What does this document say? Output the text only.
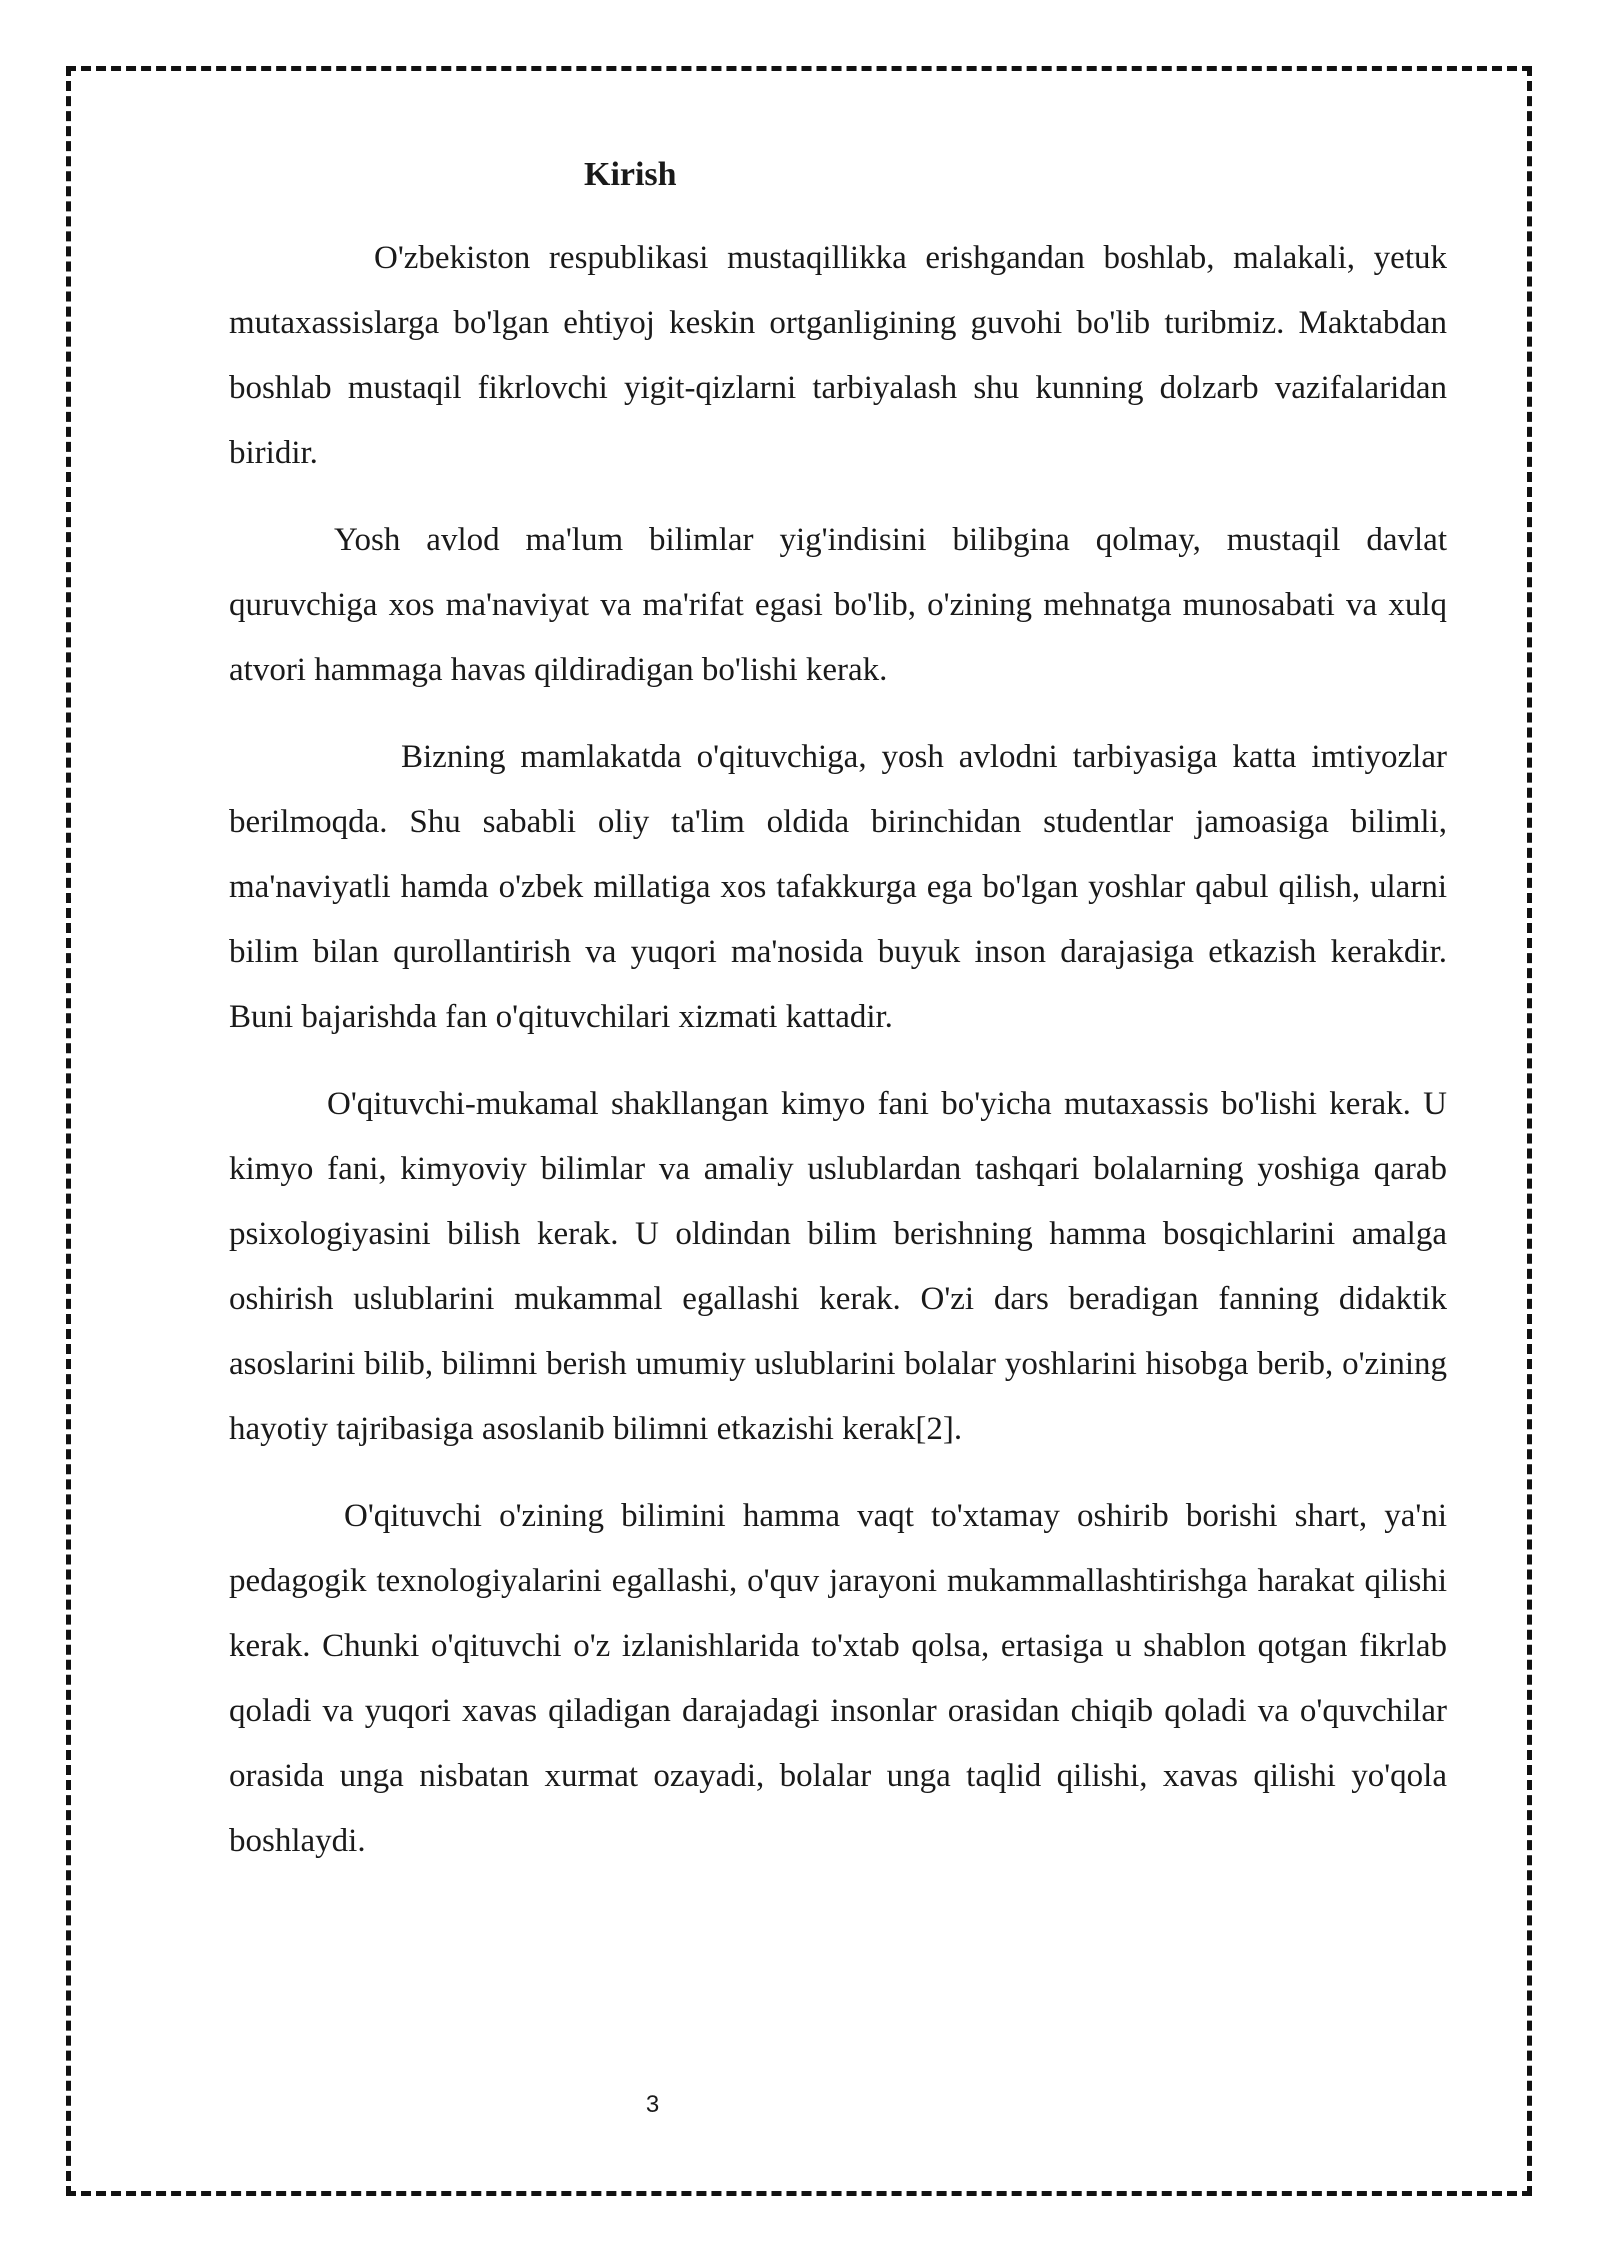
Kirish

O'zbekiston respublikasi mustaqillikka erishgandan boshlab, malakali, yetuk mutaxassislarga bo'lgan ehtiyoj keskin ortganligining guvohi bo'lib turibmiz. Maktabdan boshlab mustaqil fikrlovchi yigit-qizlarni tarbiyalash shu kunning dolzarb vazifalaridan biridir.

Yosh avlod ma'lum bilimlar yig'indisini bilibgina qolmay, mustaqil davlat quruvchiga xos ma'naviyat va ma'rifat egasi bo'lib, o'zining mehnatga munosabati va xulq atvori hammaga havas qildiradigan bo'lishi kerak.

Bizning mamlakatda o'qituvchiga, yosh avlodni tarbiyasiga katta imtiyozlar berilmoqda. Shu sababli oliy ta'lim oldida birinchidan studentlar jamoasiga bilimli, ma'naviyatli hamda o'zbek millatiga xos tafakkurga ega bo'lgan yoshlar qabul qilish, ularni bilim bilan qurollantirish va yuqori ma'nosida buyuk inson darajasiga etkazish kerakdir. Buni bajarishda fan o'qituvchilari xizmati kattadir.

O'qituvchi-mukamal shakllangan kimyo fani bo'yicha mutaxassis bo'lishi kerak. U kimyo fani, kimyoviy bilimlar va amaliy uslublardan tashqari bolalarning yoshiga qarab psixologiyasini bilish kerak. U oldindan bilim berishning hamma bosqichlarini amalga oshirish uslublarini mukammal egallashi kerak. O'zi dars beradigan fanning didaktik asoslarini bilib, bilimni berish umumiy uslublarini bolalar yoshlarini hisobga berib, o'zining hayotiy tajribasiga asoslanib bilimni etkazishi kerak[2].

O'qituvchi o'zining bilimini hamma vaqt to'xtamay oshirib borishi shart, ya'ni pedagogik texnologiyalarini egallashi, o'quv jarayoni mukammallashtirishga harakat qilishi kerak. Chunki o'qituvchi o'z izlanishlarida to'xtab qolsa, ertasiga u shablon qotgan fikrlab qoladi va yuqori xavas qiladigan darajadagi insonlar orasidan chiqib qoladi va o'quvchilar orasida unga nisbatan xurmat ozayadi, bolalar unga taqlid qilishi, xavas qilishi yo'qola boshlaydi.

3
